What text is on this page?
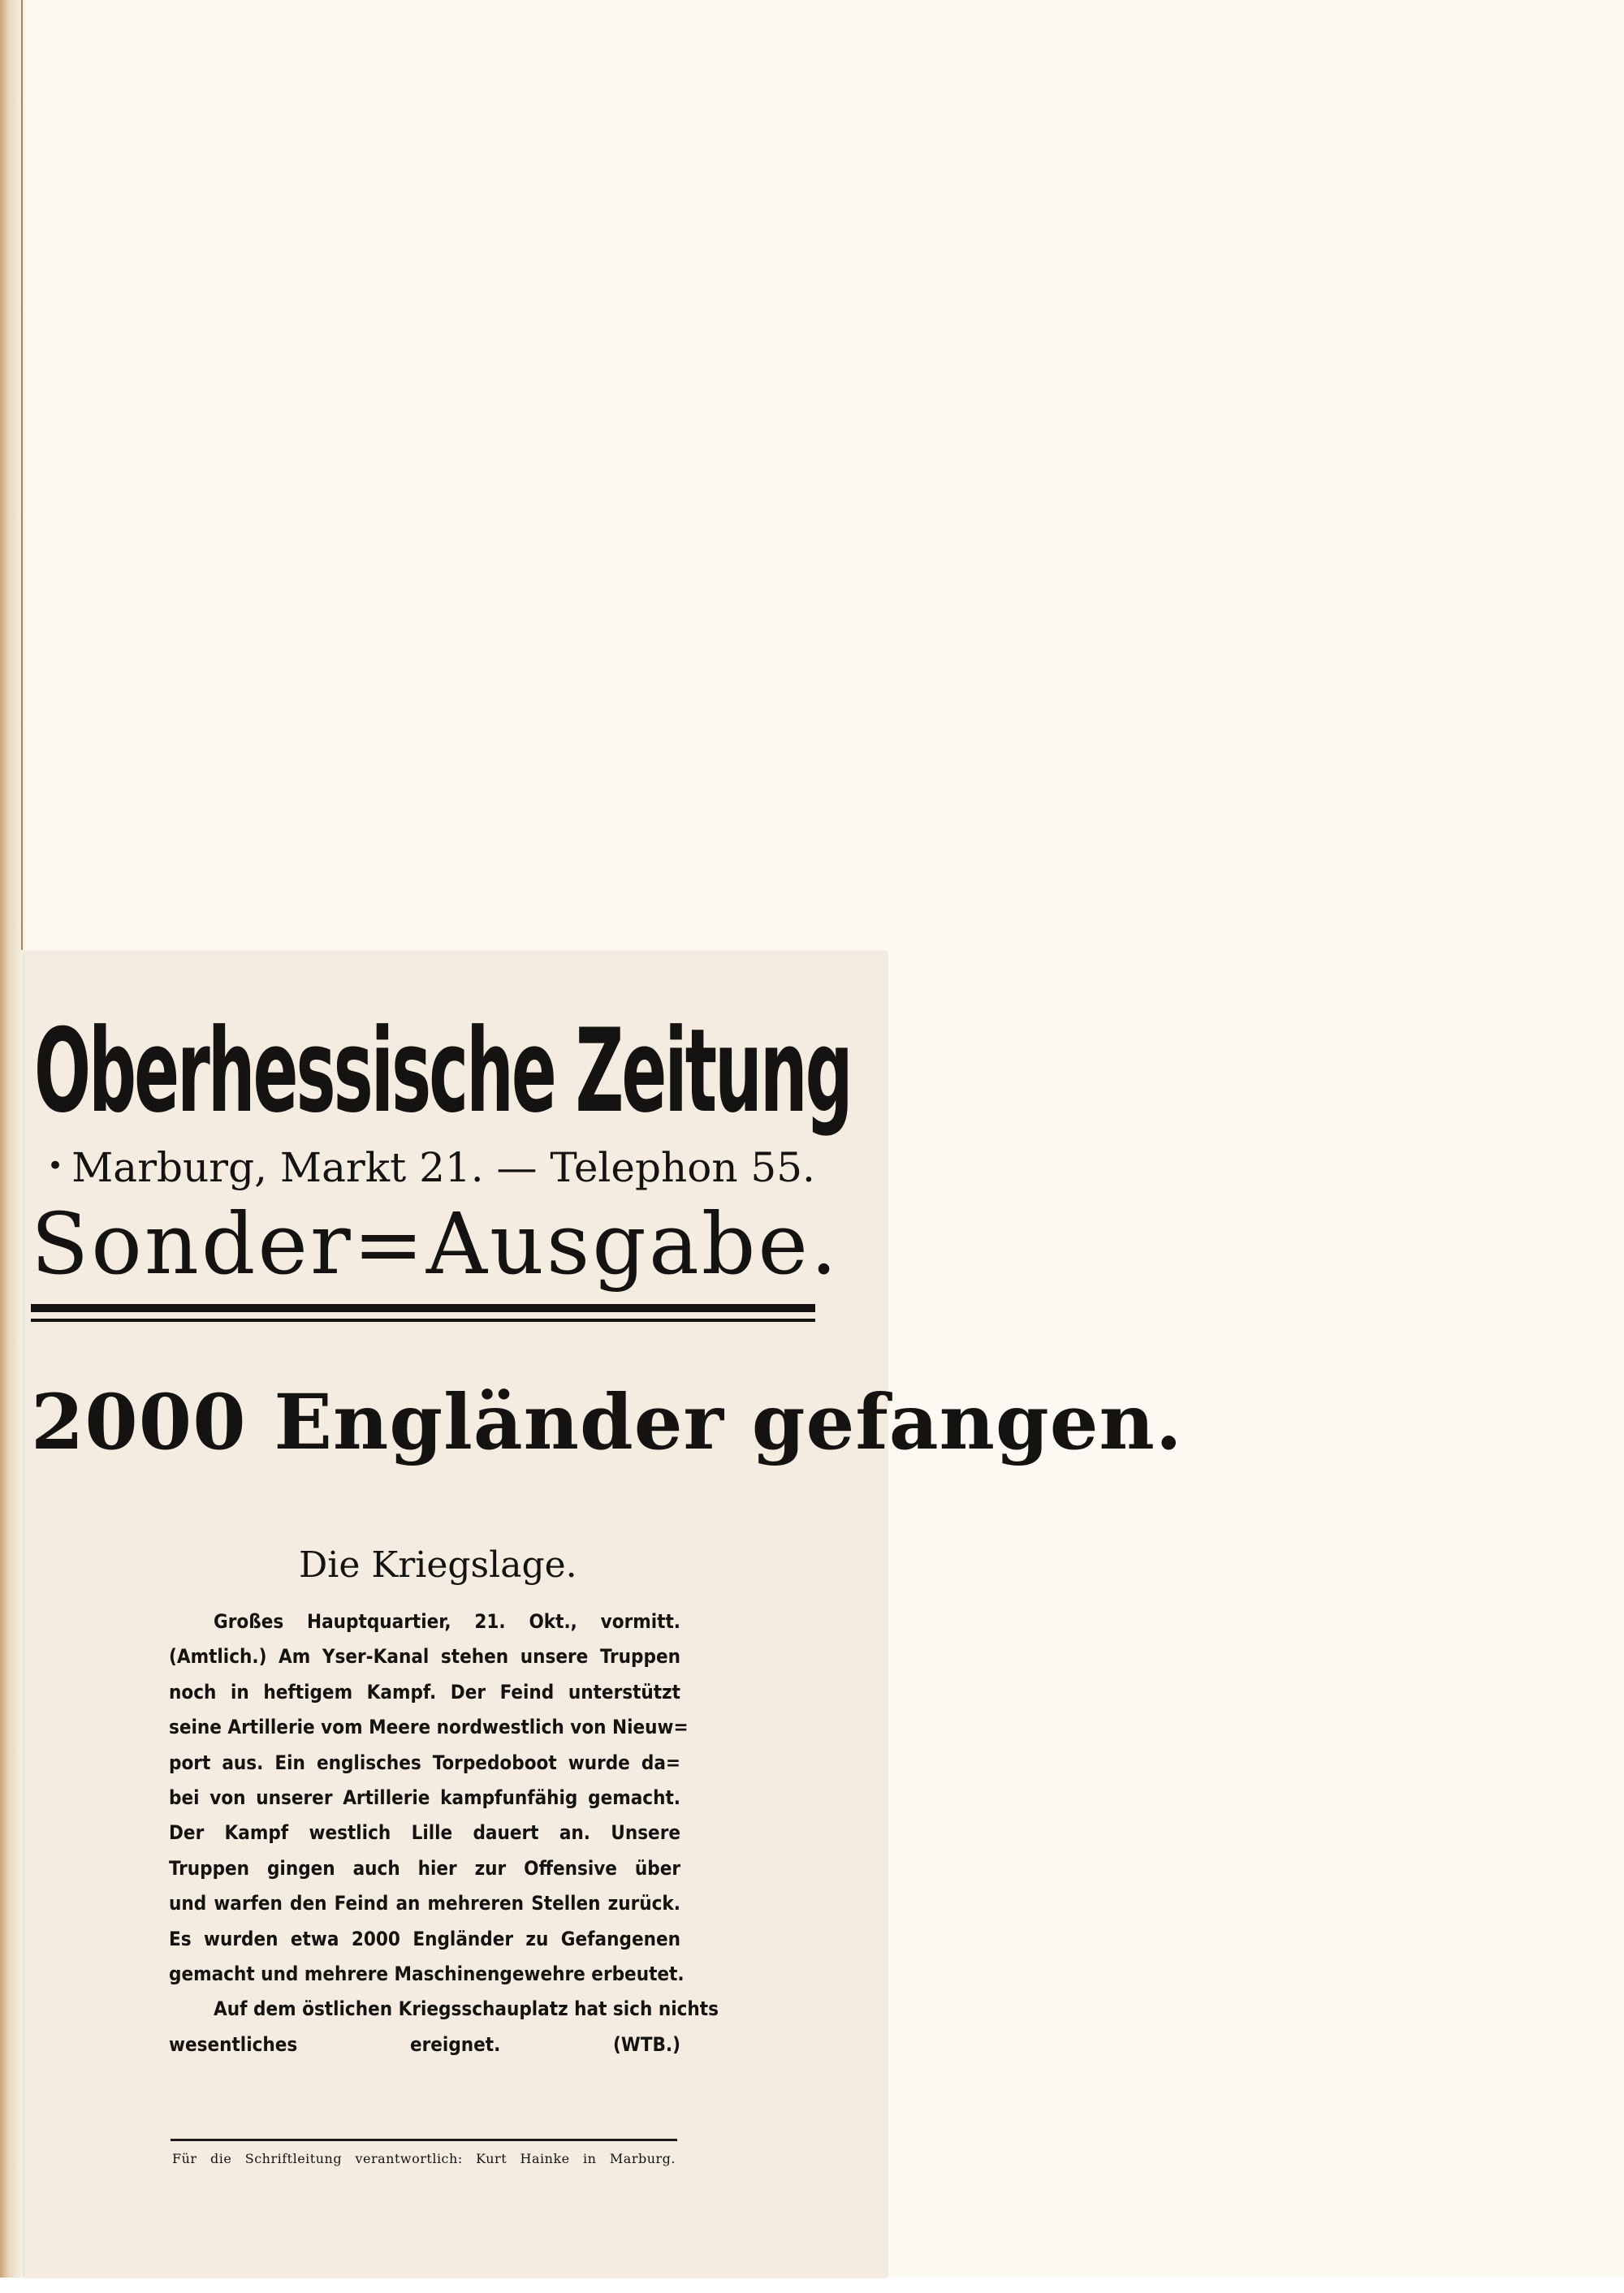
Oberhessische Zeitung
• Marburg, Markt 21. — Telephon 55.
Sonder=Ausgabe.
2000 Engländer gefangen.
Die Kriegslage.
Großes Hauptquartier, 21. Okt., vormitt.
(Amtlich.) Am Yser-Kanal stehen unsere Truppen
noch in heftigem Kampf. Der Feind unterstützt
seine Artillerie vom Meere nordwestlich von Nieuw=
port aus. Ein englisches Torpedoboot wurde da=
bei von unserer Artillerie kampfunfähig gemacht.
Der Kampf westlich Lille dauert an. Unsere
Truppen gingen auch hier zur Offensive über
und warfen den Feind an mehreren Stellen zurück.
Es wurden etwa 2000 Engländer zu Gefangenen
gemacht und mehrere Maschinengewehre erbeutet.
Auf dem östlichen Kriegsschauplatz hat sich nichts
wesentliches ereignet. (WTB.)
Für die Schriftleitung verantwortlich: Kurt Hainke in Marburg.
